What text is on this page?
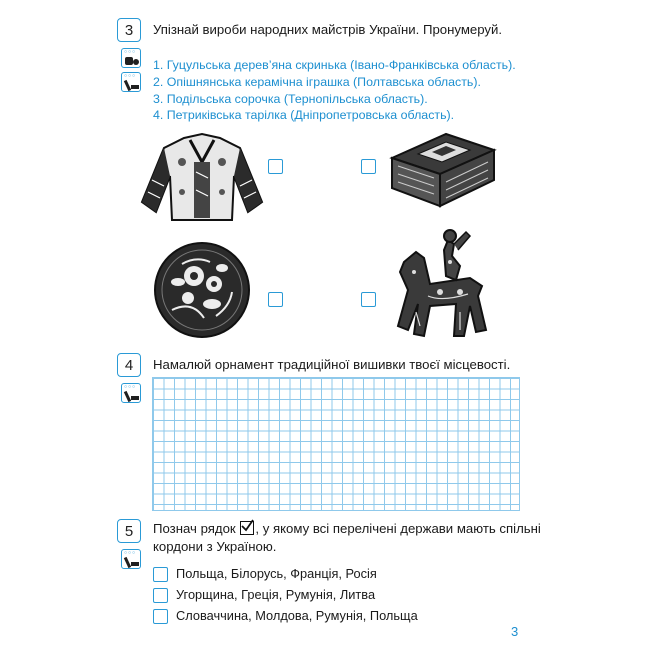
3
○○○
○○○
Упізнай вироби народних майстрів України. Пронумеруй.
1. Гуцульська дерев’яна скринька (Івано-Франківська область).
2. Опішнянська керамічна іграшка (Полтавська область).
3. Подільська сорочка (Тернопільська область).
4. Петриківська тарілка (Дніпропетровська область).
4
○○○
Намалюй орнамент традиційної вишивки твоєї місцевості.
5
○○○
Познач рядок , у якому всі перелічені держави мають спільні
кордони з Україною.
Польща, Білорусь, Франція, Росія
Угорщина, Греція, Румунія, Литва
Словаччина, Молдова, Румунія, Польща
3
